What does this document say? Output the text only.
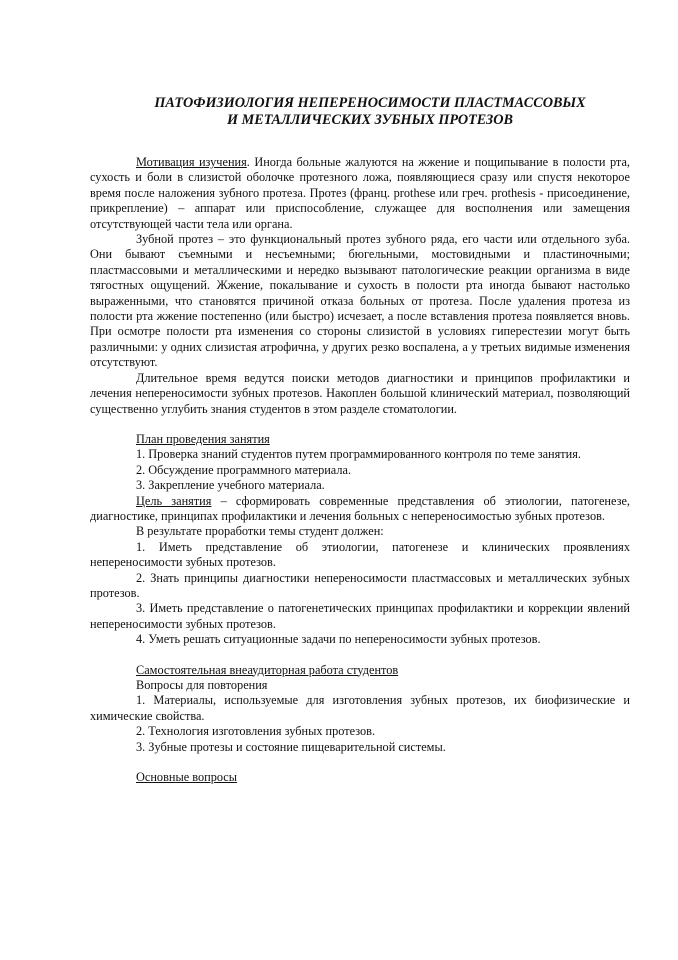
ПАТОФИЗИОЛОГИЯ НЕПЕРЕНОСИМОСТИ ПЛАСТМАССОВЫХ
И МЕТАЛЛИЧЕСКИХ ЗУБНЫХ ПРОТЕЗОВ

Мотивация изучения. Иногда больные жалуются на жжение и пощипывание в полости рта, сухость и боли в слизистой оболочке протезного ложа, появляющиеся сразу или спустя некоторое время после наложения зубного протеза. Протез (франц. prothese или греч. prothesis - присоединение, прикрепление) – аппарат или приспособление, служащее для восполнения или замещения отсутствующей части тела или органа.

Зубной протез – это функциональный протез зубного ряда, его части или отдельного зуба. Они бывают съемными и несъемными; бюгельными, мостовидными и пластиночными; пластмассовыми и металлическими и нередко вызывают патологические реакции организма в виде тягостных ощущений. Жжение, покалывание и сухость в полости рта иногда бывают настолько выраженными, что становятся причиной отказа больных от протеза. После удаления протеза из полости рта жжение постепенно (или быстро) исчезает, а после вставления протеза появляется вновь. При осмотре полости рта изменения со стороны слизистой в условиях гиперестезии могут быть различными: у одних слизистая атрофична, у других резко воспалена, а у третьих видимые изменения отсутствуют.

Длительное время ведутся поиски методов диагностики и принципов профилактики и лечения непереносимости зубных протезов. Накоплен большой клинический материал, позволяющий существенно углубить знания студентов в этом разделе стоматологии.

План проведения занятия

1. Проверка знаний студентов путем программированного контроля по теме занятия.

2. Обсуждение программного материала.

3. Закрепление учебного материала.

Цель занятия – сформировать современные представления об этиологии, патогенезе, диагностике, принципах профилактики и лечения больных с непереносимостью зубных протезов.

В результате проработки темы студент должен:

1. Иметь представление об этиологии, патогенезе и клинических проявлениях непереносимости зубных протезов.

2. Знать принципы диагностики непереносимости пластмассовых и металлических зубных протезов.

3. Иметь представление о патогенетических принципах профилактики и коррекции явлений непереносимости зубных протезов.

4. Уметь решать ситуационные задачи по непереносимости зубных протезов.

Самостоятельная внеаудиторная работа студентов

Вопросы для повторения

1. Материалы, используемые для изготовления зубных протезов, их биофизические и химические свойства.

2. Технология изготовления зубных протезов.

3. Зубные протезы и состояние пищеварительной системы.

Основные вопросы
